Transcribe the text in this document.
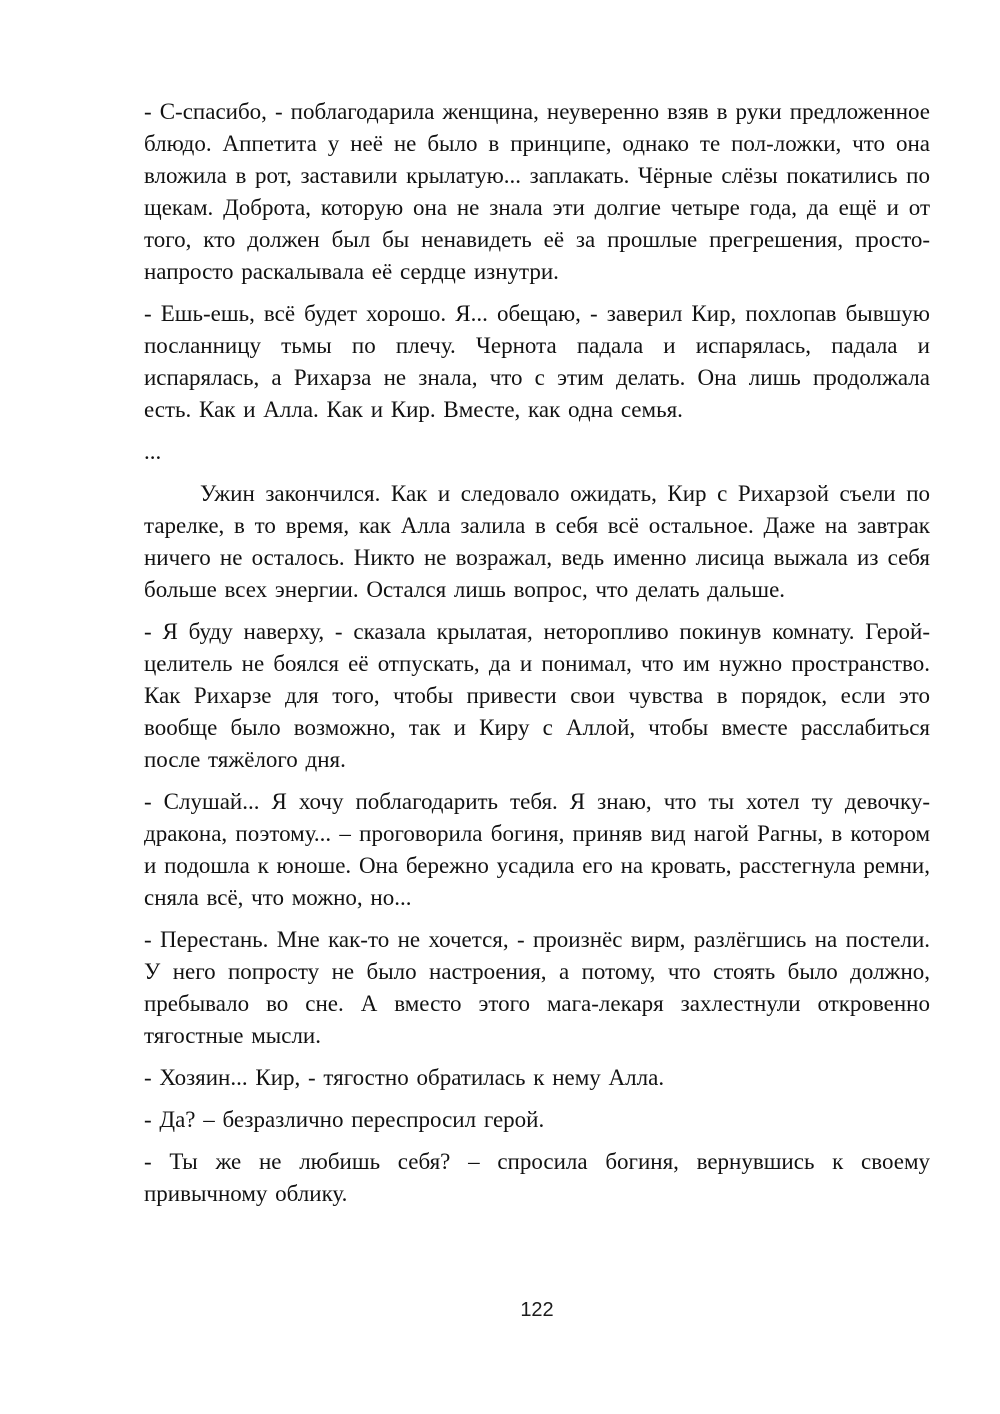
- С-спасибо, - поблагодарила женщина, неуверенно взяв в руки предложенное блюдо. Аппетита у неё не было в принципе, однако те пол-ложки, что она вложила в рот, заставили крылатую... заплакать. Чёрные слёзы покатились по щекам. Доброта, которую она не знала эти долгие четыре года, да ещё и от того, кто должен был бы ненавидеть её за прошлые прегрешения, просто-напросто раскалывала её сердце изнутри.

- Ешь-ешь, всё будет хорошо. Я... обещаю, - заверил Кир, похлопав бывшую посланницу тьмы по плечу. Чернота падала и испарялась, падала и испарялась, а Рихарза не знала, что с этим делать. Она лишь продолжала есть. Как и Алла. Как и Кир. Вместе, как одна семья.

...

Ужин закончился. Как и следовало ожидать, Кир с Рихарзой съели по тарелке, в то время, как Алла залила в себя всё остальное. Даже на завтрак ничего не осталось. Никто не возражал, ведь именно лисица выжала из себя больше всех энергии. Остался лишь вопрос, что делать дальше.

- Я буду наверху, - сказала крылатая, неторопливо покинув комнату. Герой-целитель не боялся её отпускать, да и понимал, что им нужно пространство. Как Рихарзе для того, чтобы привести свои чувства в порядок, если это вообще было возможно, так и Киру с Аллой, чтобы вместе расслабиться после тяжёлого дня.

- Слушай... Я хочу поблагодарить тебя. Я знаю, что ты хотел ту девочку-дракона, поэтому... – проговорила богиня, приняв вид нагой Рагны, в котором и подошла к юноше. Она бережно усадила его на кровать, расстегнула ремни, сняла всё, что можно, но...

- Перестань. Мне как-то не хочется, - произнёс вирм, разлёгшись на постели. У него попросту не было настроения, а потому, что стоять было должно, пребывало во сне. А вместо этого мага-лекаря захлестнули откровенно тягостные мысли.

- Хозяин... Кир, - тягостно обратилась к нему Алла.

- Да? – безразлично переспросил герой.

- Ты же не любишь себя? – спросила богиня, вернувшись к своему привычному облику.

122
